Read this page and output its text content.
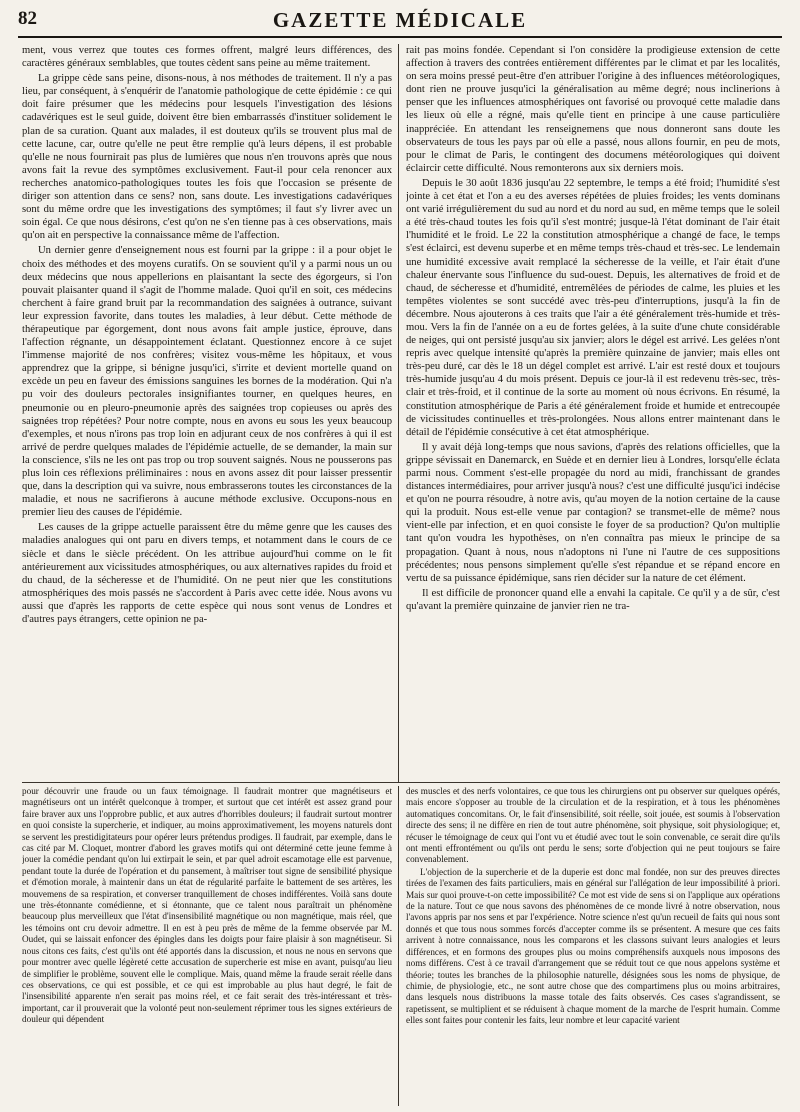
82	GAZETTE MÉDICALE

ment, vous verrez que toutes ces formes offrent, malgré leurs différences, des caractères généraux semblables, que toutes cèdent sans peine au même traitement.

La grippe cède sans peine, disons-nous, à nos méthodes de traitement. Il n'y a pas lieu, par conséquent, à s'enquérir de l'anatomie pathologique de cette épidémie : ce qui doit faire présumer que les médecins pour lesquels l'investigation des lésions cadavériques est le seul guide, doivent être bien embarrassés d'instituer solidement le plan de sa curation. Quant aux malades, il est douteux qu'ils se trouvent plus mal de cette lacune, car, outre qu'elle ne peut être remplie qu'à leurs dépens, il est probable qu'elle ne nous fournirait pas plus de lumières que nous n'en trouvons après que nous avons fait la revue des symptômes exclusivement. Faut-il pour cela renoncer aux recherches anatomico-pathologiques toutes les fois que l'occasion se présente de diriger son attention dans ce sens? non, sans doute. Les investigations cadavériques sont du même ordre que les investigations des symptômes; il faut s'y livrer avec un soin égal. Ce que nous désirons, c'est qu'on ne s'en tienne pas à ces observations, mais qu'on ait en perspective la connaissance même de l'affection.

Un dernier genre d'enseignement nous est fourni par la grippe : il a pour objet le choix des méthodes et des moyens curatifs. On se souvient qu'il y a parmi nous un ou deux médecins que nous appellerions en plaisantant la secte des égorgeurs, si l'on pouvait plaisanter quand il s'agit de l'homme malade. Quoi qu'il en soit, ces médecins cherchent à faire grand bruit par la recommandation des saignées à outrance, suivant leur expression favorite, dans toutes les maladies, à leur début. Cette méthode de thérapeutique par égorgement, dont nous avons fait ample justice, éprouve, dans l'affection régnante, un désappointement éclatant. Questionnez encore à ce sujet l'immense majorité de nos confrères; visitez vous-même les hôpitaux, et vous apprendrez que la grippe, si bénigne jusqu'ici, s'irrite et devient mortelle quand on excède un peu en faveur des émissions sanguines les bornes de la modération. Qui n'a pu voir des douleurs pectorales insignifiantes tourner, en quelques heures, en pneumonie ou en pleuro-pneumonie après des saignées trop copieuses ou après des saignées trop répétées? Pour notre compte, nous en avons eu sous les yeux beaucoup d'exemples, et nous n'irons pas trop loin en adjurant ceux de nos confrères à qui il est arrivé de perdre quelques malades de l'épidémie actuelle, de se demander, la main sur la conscience, s'ils ne les ont pas trop ou trop souvent saignés. Nous ne pousserons pas plus loin ces réflexions préliminaires : nous en avons assez dit pour laisser pressentir que, dans la description qui va suivre, nous embrasserons toutes les circonstances de la maladie, et nous ne sacrifierons à aucune méthode exclusive. Occupons-nous en premier lieu des causes de l'épidémie.

Les causes de la grippe actuelle paraissent être du même genre que les causes des maladies analogues qui ont paru en divers temps, et notamment dans le cours de ce siècle et dans le siècle précédent. On les attribue aujourd'hui comme on le fit antérieurement aux vicissitudes atmosphériques, ou aux alternatives rapides du froid et du chaud, de la sécheresse et de l'humidité. On ne peut nier que les constitutions atmosphériques des mois passés ne s'accordent à Paris avec cette idée. Nous avons vu aussi que d'après les rapports de cette espèce qui nous sont venus de Londres et d'autres pays étrangers, cette opinion ne pa-

rait pas moins fondée. Cependant si l'on considère la prodigieuse extension de cette affection à travers des contrées entièrement différentes par le climat et par les localités, on sera moins pressé peut-être d'en attribuer l'origine à des influences météorologiques, dont rien ne prouve jusqu'ici la généralisation au même degré; nous inclinerions à penser que les influences atmosphériques ont favorisé ou provoqué cette maladie dans les lieux où elle a régné, mais qu'elle tient en principe à une cause particulière inappréciée. En attendant les renseignemens que nous donneront sans doute les observateurs de tous les pays par où elle a passé, nous allons fournir, en peu de mots, pour le climat de Paris, le contingent des documens météorologiques qui doivent éclaircir cette difficulté. Nous remonterons aux six derniers mois.

Depuis le 30 août 1836 jusqu'au 22 septembre, le temps a été froid; l'humidité s'est jointe à cet état et l'on a eu des averses répétées de pluies froides; les vents dominans ont varié irrégulièrement du sud au nord et du nord au sud, en même temps que le soleil a été très-chaud toutes les fois qu'il s'est montré; jusque-là l'état dominant de l'air était l'humidité et le froid. Le 22 la constitution atmosphérique a changé de face, le temps s'est éclairci, est devenu superbe et en même temps très-chaud et très-sec. Le lendemain une humidité excessive avait remplacé la sécheresse de la veille, et l'air était d'une chaleur énervante sous l'influence du sud-ouest. Depuis, les alternatives de froid et de chaud, de sécheresse et d'humidité, entremêlées de périodes de calme, les pluies et les tempêtes violentes se sont succédé avec très-peu d'interruptions, jusqu'à la fin de décembre. Nous ajouterons à ces traits que l'air a été généralement très-humide et très-mou. Vers la fin de l'année on a eu de fortes gelées, à la suite d'une chute considérable de neiges, qui ont persisté jusqu'au six janvier; alors le dégel est arrivé. Les gelées n'ont repris avec quelque intensité qu'après la première quinzaine de janvier; mais elles ont très-peu duré, car dès le 18 un dégel complet est arrivé. L'air est resté doux et toujours très-humide jusqu'au 4 du mois présent. Depuis ce jour-là il est redevenu très-sec, très-clair et très-froid, et il continue de la sorte au moment où nous écrivons. En résumé, la constitution atmosphérique de Paris a été généralement froide et humide et entrecoupée de vicissitudes continuelles et très-prolongées. Nous allons entrer maintenant dans le détail de l'épidémie consécutive à cet état atmosphérique.

Il y avait déjà long-temps que nous savions, d'après des relations officielles, que la grippe sévissait en Danemarck, en Suède et en dernier lieu à Londres, lorsqu'elle éclata parmi nous. Comment s'est-elle propagée du nord au midi, franchissant de grandes distances intermédiaires, pour arriver jusqu'à nous? c'est une difficulté jusqu'ici indécise et qu'on ne pourra résoudre, à notre avis, qu'au moyen de la notion certaine de la cause qui la produit. Nous est-elle venue par contagion? se transmet-elle de même? nous vient-elle par infection, et en quoi consiste le foyer de sa production? Qu'on multiplie tant qu'on voudra les hypothèses, on n'en connaîtra pas mieux le principe de sa propagation. Quant à nous, nous n'adoptons ni l'une ni l'autre de ces suppositions précédentes; nous pensons simplement qu'elle s'est répandue et se répand encore en vertu de sa puissance épidémique, sans rien décider sur la nature de cet élément.

Il est difficile de prononcer quand elle a envahi la capitale. Ce qu'il y a de sûr, c'est qu'avant la première quinzaine de janvier rien ne tra-

pour découvrir une fraude ou un faux témoignage. Il faudrait montrer que magnétiseurs et magnétiseurs ont un intérêt quelconque à tromper, et surtout que cet intérêt est assez grand pour faire braver aux uns l'opprobre public, et aux autres d'horribles douleurs; il faudrait surtout montrer en quoi consiste la supercherie, et indiquer, au moins approximativement, les moyens naturels dont se servent les prestidigitateurs pour opérer leurs prétendus prodiges. Il faudrait, par exemple, dans le cas cité par M. Cloquet, montrer d'abord les graves motifs qui ont déterminé cette jeune femme à jouer la comédie pendant qu'on lui extirpait le sein, et par quel adroit escamotage elle est parvenue, pendant toute la durée de l'opération et du pansement, à maîtriser tout signe de sensibilité physique et d'émotion morale, à maintenir dans un état de régularité parfaite le battement de ses artères, les mouvemens de sa respiration, et converser tranquillement de choses indifférentes. Voilà sans doute une très-étonnante comédienne, et si étonnante, que ce talent nous paraîtrait un phénomène beaucoup plus merveilleux que l'état d'insensibilité magnétique ou non magnétique, mais réel, que les témoins ont cru devoir admettre. Il en est à peu près de même de la femme observée par M. Oudet, qui se laissait enfoncer des épingles dans les doigts pour faire plaisir à son magnétiseur. Si nous citons ces faits, c'est qu'ils ont été apportés dans la discussion, et nous ne nous en servons que pour montrer avec quelle légèreté cette accusation de supercherie est mise en avant, puisqu'au lieu de simplifier le problème, souvent elle le complique. Mais, quand même la fraude serait réelle dans ces observations, ce qui est possible, et ce qui est improbable au plus haut degré, le fait de l'insensibilité apparente n'en serait pas moins réel, et ce fait serait des très-intéressant et très-important, car il prouverait que la volonté peut non-seulement réprimer tous les signes extérieurs de douleur qui dépendent

des muscles et des nerfs volontaires, ce que tous les chirurgiens ont pu observer sur quelques opérés, mais encore s'opposer au trouble de la circulation et de la respiration, et à tous les phénomènes automatiques concomitans. Or, le fait d'insensibilité, soit réelle, soit jouée, est soumis à l'observation directe des sens; il ne diffère en rien de tout autre phénomène, soit physique, soit physiologique; et, récuser le témoignage de ceux qui l'ont vu et étudié avec tout le soin convenable, ce serait dire qu'ils ont menti effrontément ou qu'ils ont perdu le sens; sorte d'objection qui ne peut toujours se faire convenablement.

L'objection de la supercherie et de la duperie est donc mal fondée, non sur des preuves directes tirées de l'examen des faits particuliers, mais en général sur l'allégation de leur impossibilité à priori. Mais sur quoi prouve-t-on cette impossibilité? Ce mot est vide de sens si on l'applique aux opérations de la nature. Tout ce que nous savons des phénomènes de ce monde livré à notre observation, nous l'avons appris par nos sens et par l'expérience. Notre science n'est qu'un recueil de faits qui nous sont donnés et que tous nous sommes forcés d'accepter comme ils se présentent. A mesure que ces faits arrivent à notre connaissance, nous les comparons et les classons suivant leurs analogies et leurs différences, et en formons des groupes plus ou moins compréhensifs auxquels nous imposons des noms différens. C'est à ce travail d'arrangement que se réduit tout ce que nous appelons système et théorie; toutes les branches de la philosophie naturelle, désignées sous les noms de physique, de chimie, de physiologie, etc., ne sont autre chose que des compartimens plus ou moins arbitraires, dans lesquels nous distribuons la masse totale des faits observés. Ces cases s'agrandissent, se rapetissent, se multiplient et se réduisent à chaque moment de la marche de l'esprit humain. Comme elles sont faites pour contenir les faits, leur nombre et leur capacité varient
